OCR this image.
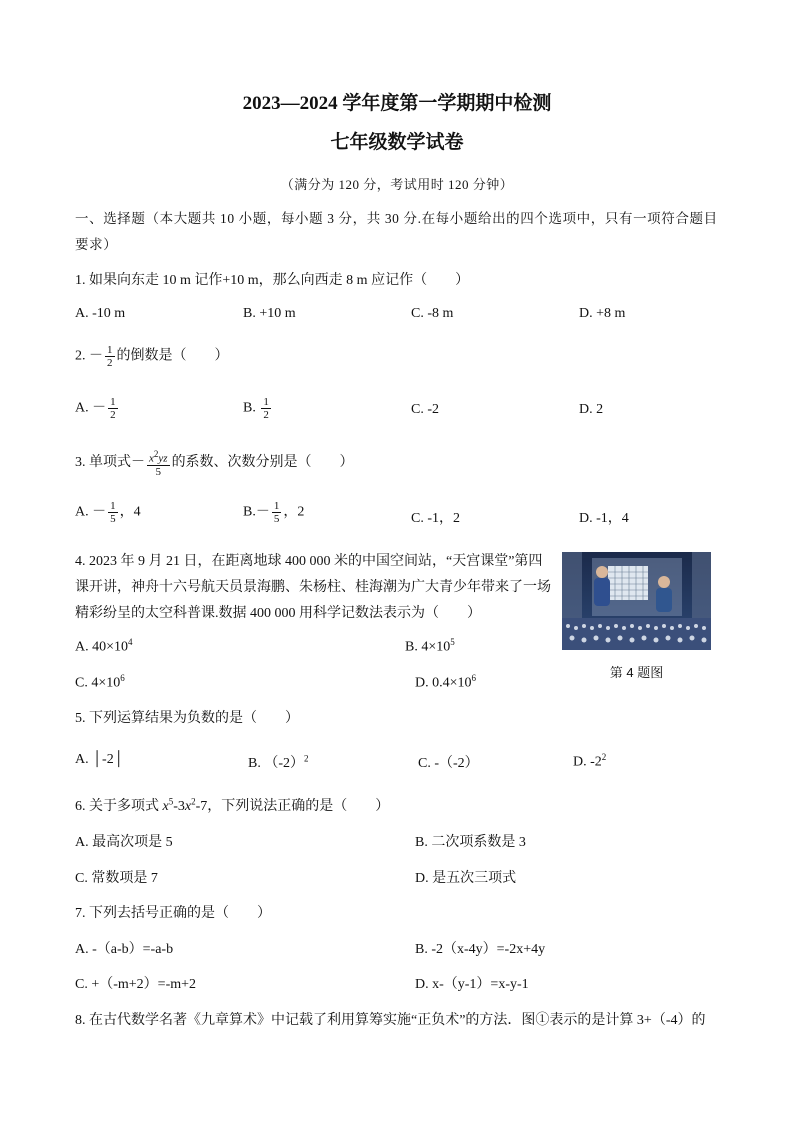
2023—2024 学年度第一学期期中检测
七年级数学试卷
（满分为 120 分，考试用时 120 分钟）
一、选择题（本大题共 10 小题，每小题 3 分，共 30 分.在每小题给出的四个选项中，只有一项符合题目要求）
1. 如果向东走 10 m 记作+10 m，那么向西走 8 m 应记作（　　）
A. -10 m	B. +10 m	C. -8 m	D. +8 m
2. － $\frac{1}{2}$ 的倒数是（　　）
A. － $\frac{1}{2}$	B. $\frac{1}{2}$	C. -2	D. 2
3. 单项式－ $\frac{x^2yz}{5}$ 的系数、次数分别是（　　）
A. － $\frac{1}{5}$ ，4	$B.- \frac{1}{5}$ ，2	C. -1，2	D. -1，4
4. 2023 年 9 月 21 日，在距离地球 400 000 米的中国空间站，“天宫课堂”第四
课开讲，神舟十六号航天员景海鹏、朱杨柱、桂海潮为广大青少年带来了一场
精彩纷呈的太空科普课.数据 400 000 用科学记数法表示为（　　）
A. $40\times 10^4$	B. $4\times 10^5$
C. $4\times 10^6$	D. $0.4\times 10^6$	第 4 题图
5. 下列运算结果为负数的是（　　）
A. │-2│	B. $(-2)^2$	C. -（-2）	D. $-2^2$
6. 关于多项式 $x^5-3x^2-7$，下列说法正确的是（　　）
A. 最高次项是 5	B. 二次项系数是 3
C. 常数项是 7	D. 是五次三项式
7. 下列去括号正确的是（　　）
A. -（a-b）=-a-b	B. -2（x-4y）=-2x+4y
C. +（-m+2）=-m+2	D. x-（y-1）=x-y-1
8. 在古代数学名著《九章算术》中记载了利用算筹实施“正负术”的方法．图①表示的是计算 3+（-4）的
